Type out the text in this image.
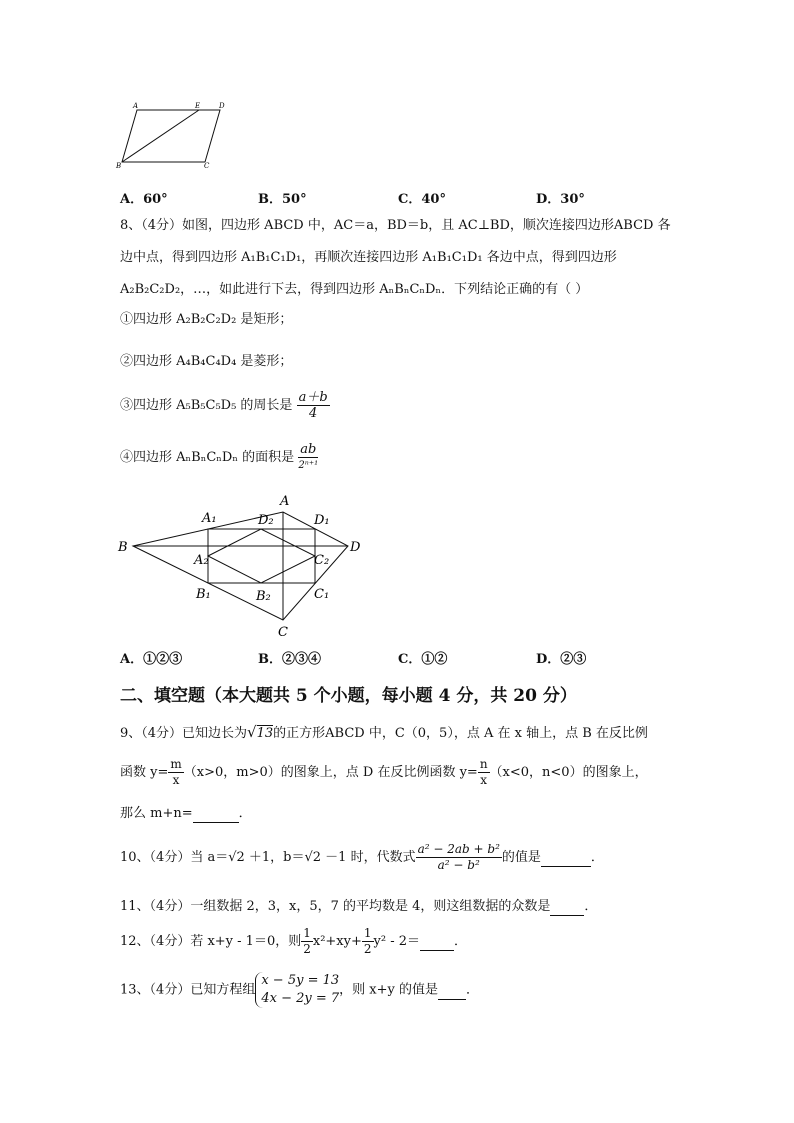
A	E	D
B	C
A．60°	B．50°	C．40°	D．30°
8、（4分）如图，四边形 ABCD 中，AC＝a，BD＝b，且 AC⊥BD，顺次连接四边形ABCD 各
边中点，得到四边形 A₁B₁C₁D₁，再顺次连接四边形 A₁B₁C₁D₁ 各边中点，得到四边形
A₂B₂C₂D₂，…，如此进行下去，得到四边形 AₙBₙCₙDₙ．下列结论正确的有（ ）
①四边形 A₂B₂C₂D₂ 是矩形；
②四边形 A₄B₄C₄D₄ 是菱形；
③四边形 A₅B₅C₅D₅ 的周长是 $\frac{a+b}{4}$
④四边形 AₙBₙCₙDₙ 的面积是 $\frac{ab}{\text{2ⁿ⁺¹}}$
A
A₁	D₂	D₁
B	D
A₂	C₂
B₁	B₂	C₁
C
A．①②③	B．②③④	C．①②	D．②③
二、填空题（本大题共 5 个小题，每小题 4 分，共 20 分）
9、（4分）已知边长为√13的正方形ABCD 中，C（0，5），点 A 在 x 轴上，点 B 在反比例
函数 $y= \frac{m}{x} (x>0$，m>0）的图象上，点 D 在反比例函数 $y= \frac{n}{x} (x<0$，n<0）的图象上，
那么 m+n=	．
10、（4分）当 a＝√2 ＋1，b＝√2 －1 时，代数式 $\frac{\text{a² − 2ab + b²}}{\text{a² − b²}}$ 的值是	．
11、（4分）一组数据 2，3，x，5，7 的平均数是 4，则这组数据的众数是	．
12、（4分）若 x+y - 1＝0，则 $\frac{1}{2} x^2+xy+ \frac{1}{2} y^2 - 2=$	．
13、（4分）已知方程组
x − 5y = 13
4x − 2y = 7
，则 x+y 的值是 ．
